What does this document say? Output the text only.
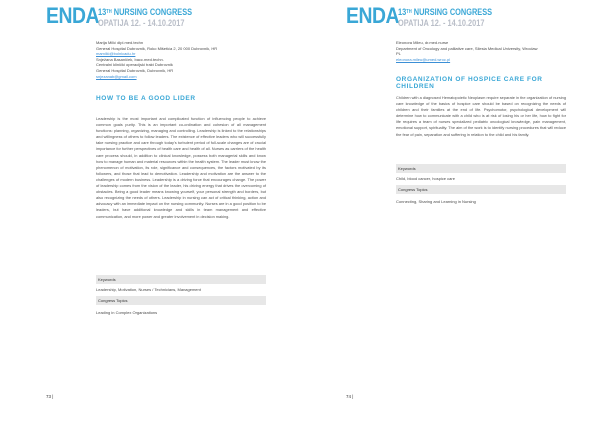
ENDA
13TH NURSING CONGRESS
OPATIJA 12. - 14.10.2017
Marija Milić dipl.med.techn
General Hospital Dubrovnik, Roko Mišetića 2, 20 000 Dubrovnik, HR
mamilić@bolnicadu.hr
Snježana Basaniček, bacc.med.techn.
Centralni klinički operacijski trakt Dubrovnik
General Hospital Dubrovnik, Dubrovnik, HR
snjezanab@gmail.com
HOW TO BE A GOOD LIDER

Leadership is the most important and complicated function of influencing people to achieve common goals purity. This is an important co-ordination and cohesion of all management functions: planning, organizing, managing and controlling. Leadership is linked to the relationships and willingness of others to follow leaders. The existence of effective leaders who will successfully take nursing practice and care through today's turbulent period of full-scale changes are of crucial importance for further perspectives of health care and health of all. Nurses as carriers of the health care process should, in addition to clinical knowledge, possess both managerial skills and know how to manage human and material resources within the health system. The leader must know the phenomenon of motivation, its role, significance and consequences, the factors motivated by its followers, and those that lead to demotivation. Leadership and motivation are the answer to the challenges of modern business. Leadership is a driving force that encourages change. The power of leadership comes from the vision of the leader, his driving energy that drives the overcoming of obstacles. Being a good leader means knowing yourself, your personal strength and borders, but also recognizing the needs of others. Leadership in nursing can act of critical thinking, action and advocacy with an immediate impact on the nursing community. Nurses are in a good position to be leaders, but have additional knowledge and skills in team management and effective communication, and more power and greater involvement in decision making.

Keywords
Leadership, Motivation, Nurses / Technicians, Management
Congress Topics
Leading in Complex Organizations
73 |
ENDA
13TH NURSING CONGRESS
OPATIJA 12. - 14.10.2017
Eleonora Mileu, dr.med.nurse
Department of Oncology and palliative care, Silesia Medical University, Wroclaw
PL
eleonora.mileu@umed.wroc.pl
ORGANIZATION OF HOSPICE CARE FOR CHILDREN

Children with a diagnosed Hematopoietic Neoplasm require separate in the organization of nursing care knowledge of the basics of hospice care should be based on recognizing the needs of children and their families at the end of life. Psychomotor, psychological development will determine how to communicate with a child who is at risk of losing his or her life, how to fight for life requires a team of nurses specialized pediatric oncological knowledge, pain management, emotional support, spirituality. The aim of the work is to identify nursing procedures that will reduce the fear of pain, separation and suffering in relation to the child and his family.

Keywords
Child, blood cancer, hospice care
Congress Topics
Connecting, Sharing and Learning in Nursing
74 |
